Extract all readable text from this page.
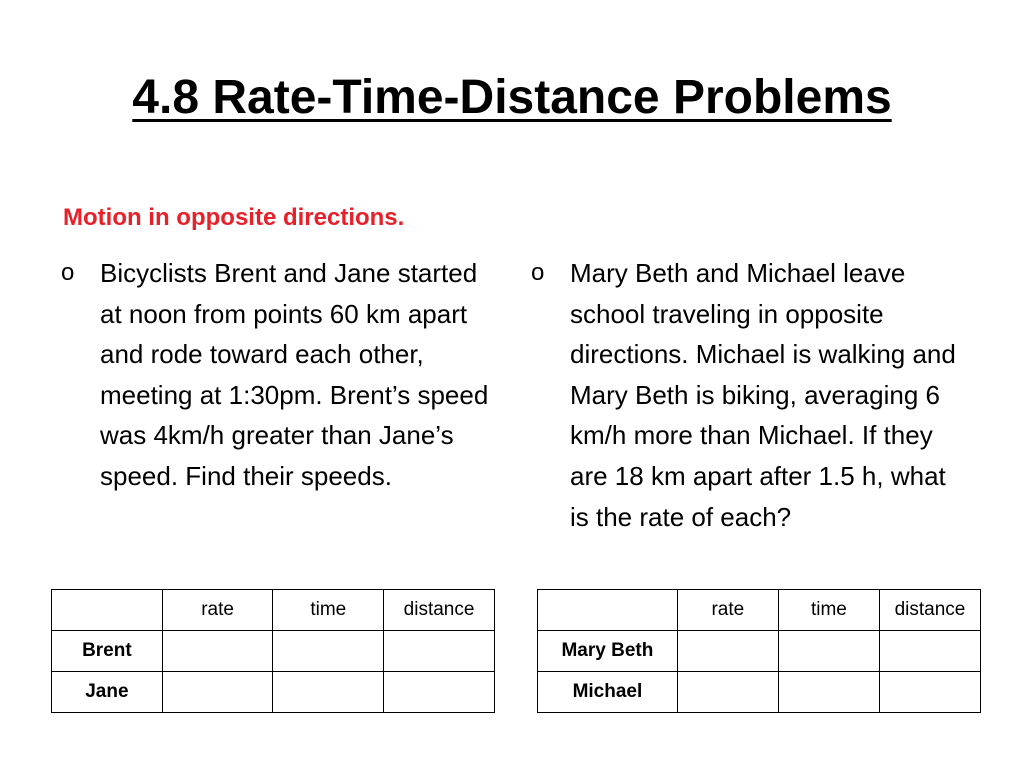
4.8 Rate-Time-Distance Problems
Motion in opposite directions.
o Bicyclists Brent and Jane started at noon from points 60 km apart and rode toward each other, meeting at 1:30pm. Brent’s speed was 4km/h greater than Jane’s speed. Find their speeds.
o Mary Beth and Michael leave school traveling in opposite directions. Michael is walking and Mary Beth is biking, averaging 6 km/h more than Michael. If they are 18 km apart after 1.5 h, what is the rate of each?
	rate	time	distance
Brent			
Jane			
	rate	time	distance
Mary Beth			
Michael			
